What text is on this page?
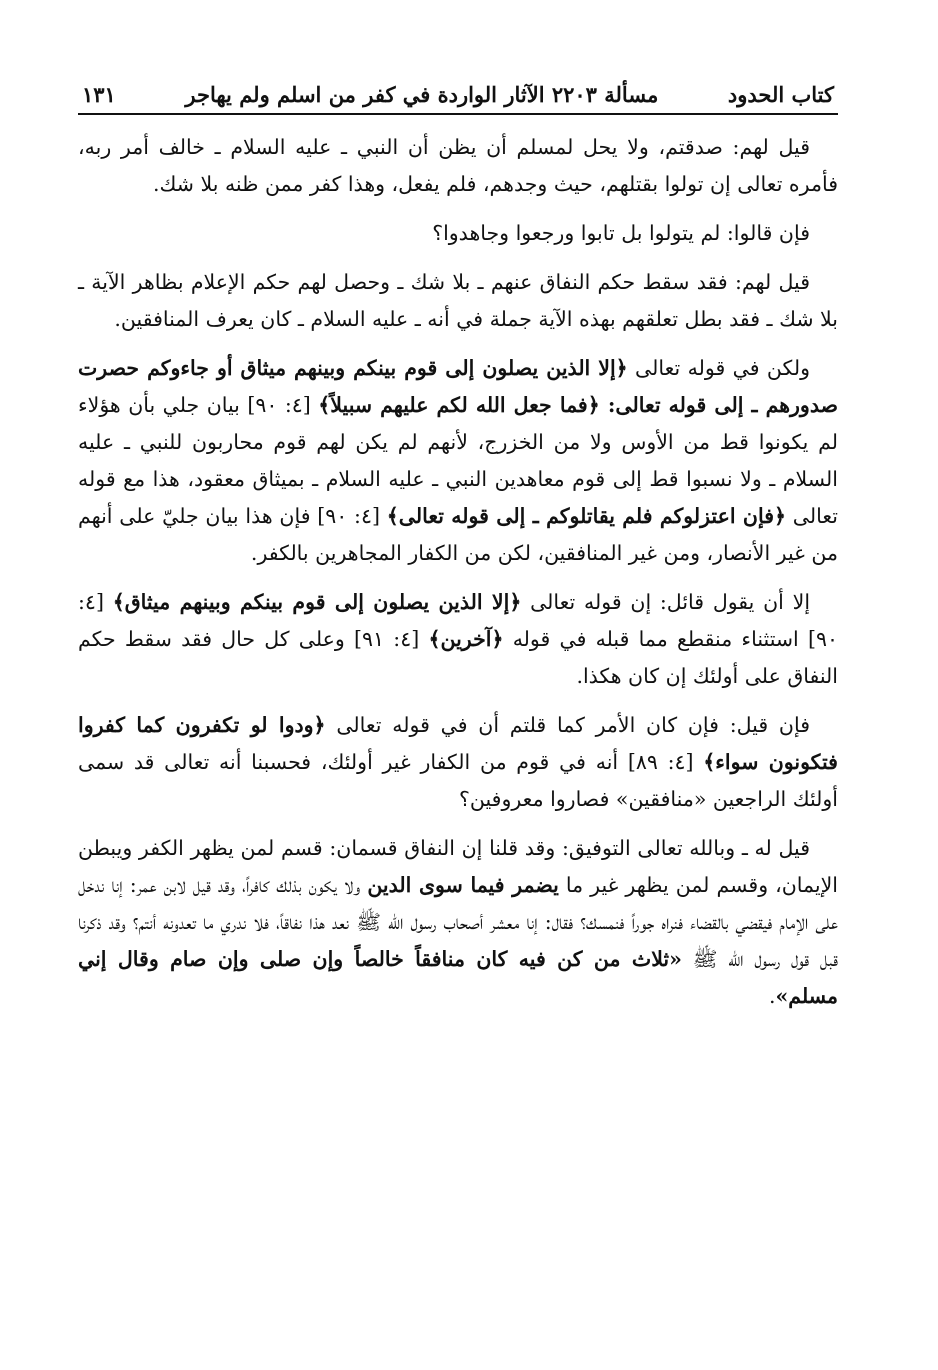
كتاب الحدود
مسألة ٢٢٠٣ الآثار الواردة في كفر من اسلم ولم يهاجر
١٣١

قيل لهم: صدقتم، ولا يحل لمسلم أن يظن أن النبي ـ عليه السلام ـ خالف أمر ربه، فأمره تعالى إن تولوا بقتلهم، حيث وجدهم، فلم يفعل، وهذا كفر ممن ظنه بلا شك.

فإن قالوا: لم يتولوا بل تابوا ورجعوا وجاهدوا؟

قيل لهم: فقد سقط حكم النفاق عنهم ـ بلا شك ـ وحصل لهم حكم الإعلام بظاهر الآية ـ بلا شك ـ فقد بطل تعلقهم بهذه الآية جملة في أنه ـ عليه السلام ـ كان يعرف المنافقين.

ولكن في قوله تعالى ﴿إلا الذين يصلون إلى قوم بينكم وبينهم ميثاق أو جاءوكم حصرت صدورهم ـ إلى قوله تعالى: ﴿فما جعل الله لكم عليهم سبيلاً﴾ [٤: ٩٠] بيان جلي بأن هؤلاء لم يكونوا قط من الأوس ولا من الخزرج، لأنهم لم يكن لهم قوم محاربون للنبي ـ عليه السلام ـ ولا نسبوا قط إلى قوم معاهدين النبي ـ عليه السلام ـ بميثاق معقود، هذا مع قوله تعالى ﴿فإن اعتزلوكم فلم يقاتلوكم ـ إلى قوله تعالى﴾ [٤: ٩٠] فإن هذا بيان جليّ على أنهم من غير الأنصار، ومن غير المنافقين، لكن من الكفار المجاهرين بالكفر.

إلا أن يقول قائل: إن قوله تعالى ﴿إلا الذين يصلون إلى قوم بينكم وبينهم ميثاق﴾ [٤: ٩٠] استثناء منقطع مما قبله في قوله ﴿آخرين﴾ [٤: ٩١] وعلى كل حال فقد سقط حكم النفاق على أولئك إن كان هكذا.

فإن قيل: فإن كان الأمر كما قلتم أن في قوله تعالى ﴿ودوا لو تكفرون كما كفروا فتكونون سواء﴾ [٤: ٨٩] أنه في قوم من الكفار غير أولئك، فحسبنا أنه تعالى قد سمى أولئك الراجعين «منافقين» فصاروا معروفين؟

قيل له ـ وبالله تعالى التوفيق: وقد قلنا إن النفاق قسمان: قسم لمن يظهر الكفر ويبطن الإيمان، وقسم لمن يظهر غير ما يضمر فيما سوى الدين ولا يكون بذلك كافراً، وقد قيل لابن عمر: إنا ندخل على الإمام فيقضي بالقضاء فنراه جوراً فنمسك؟ فقال: إنا معشر أصحاب رسول الله ﷺ نعد هذا نفاقاً، فلا ندري ما تعدونه أنتم؟ وقد ذكرنا قبل قول رسول الله ﷺ «ثلاث من كن فيه كان منافقاً خالصاً وإن صلى وإن صام وقال إني مسلم».
